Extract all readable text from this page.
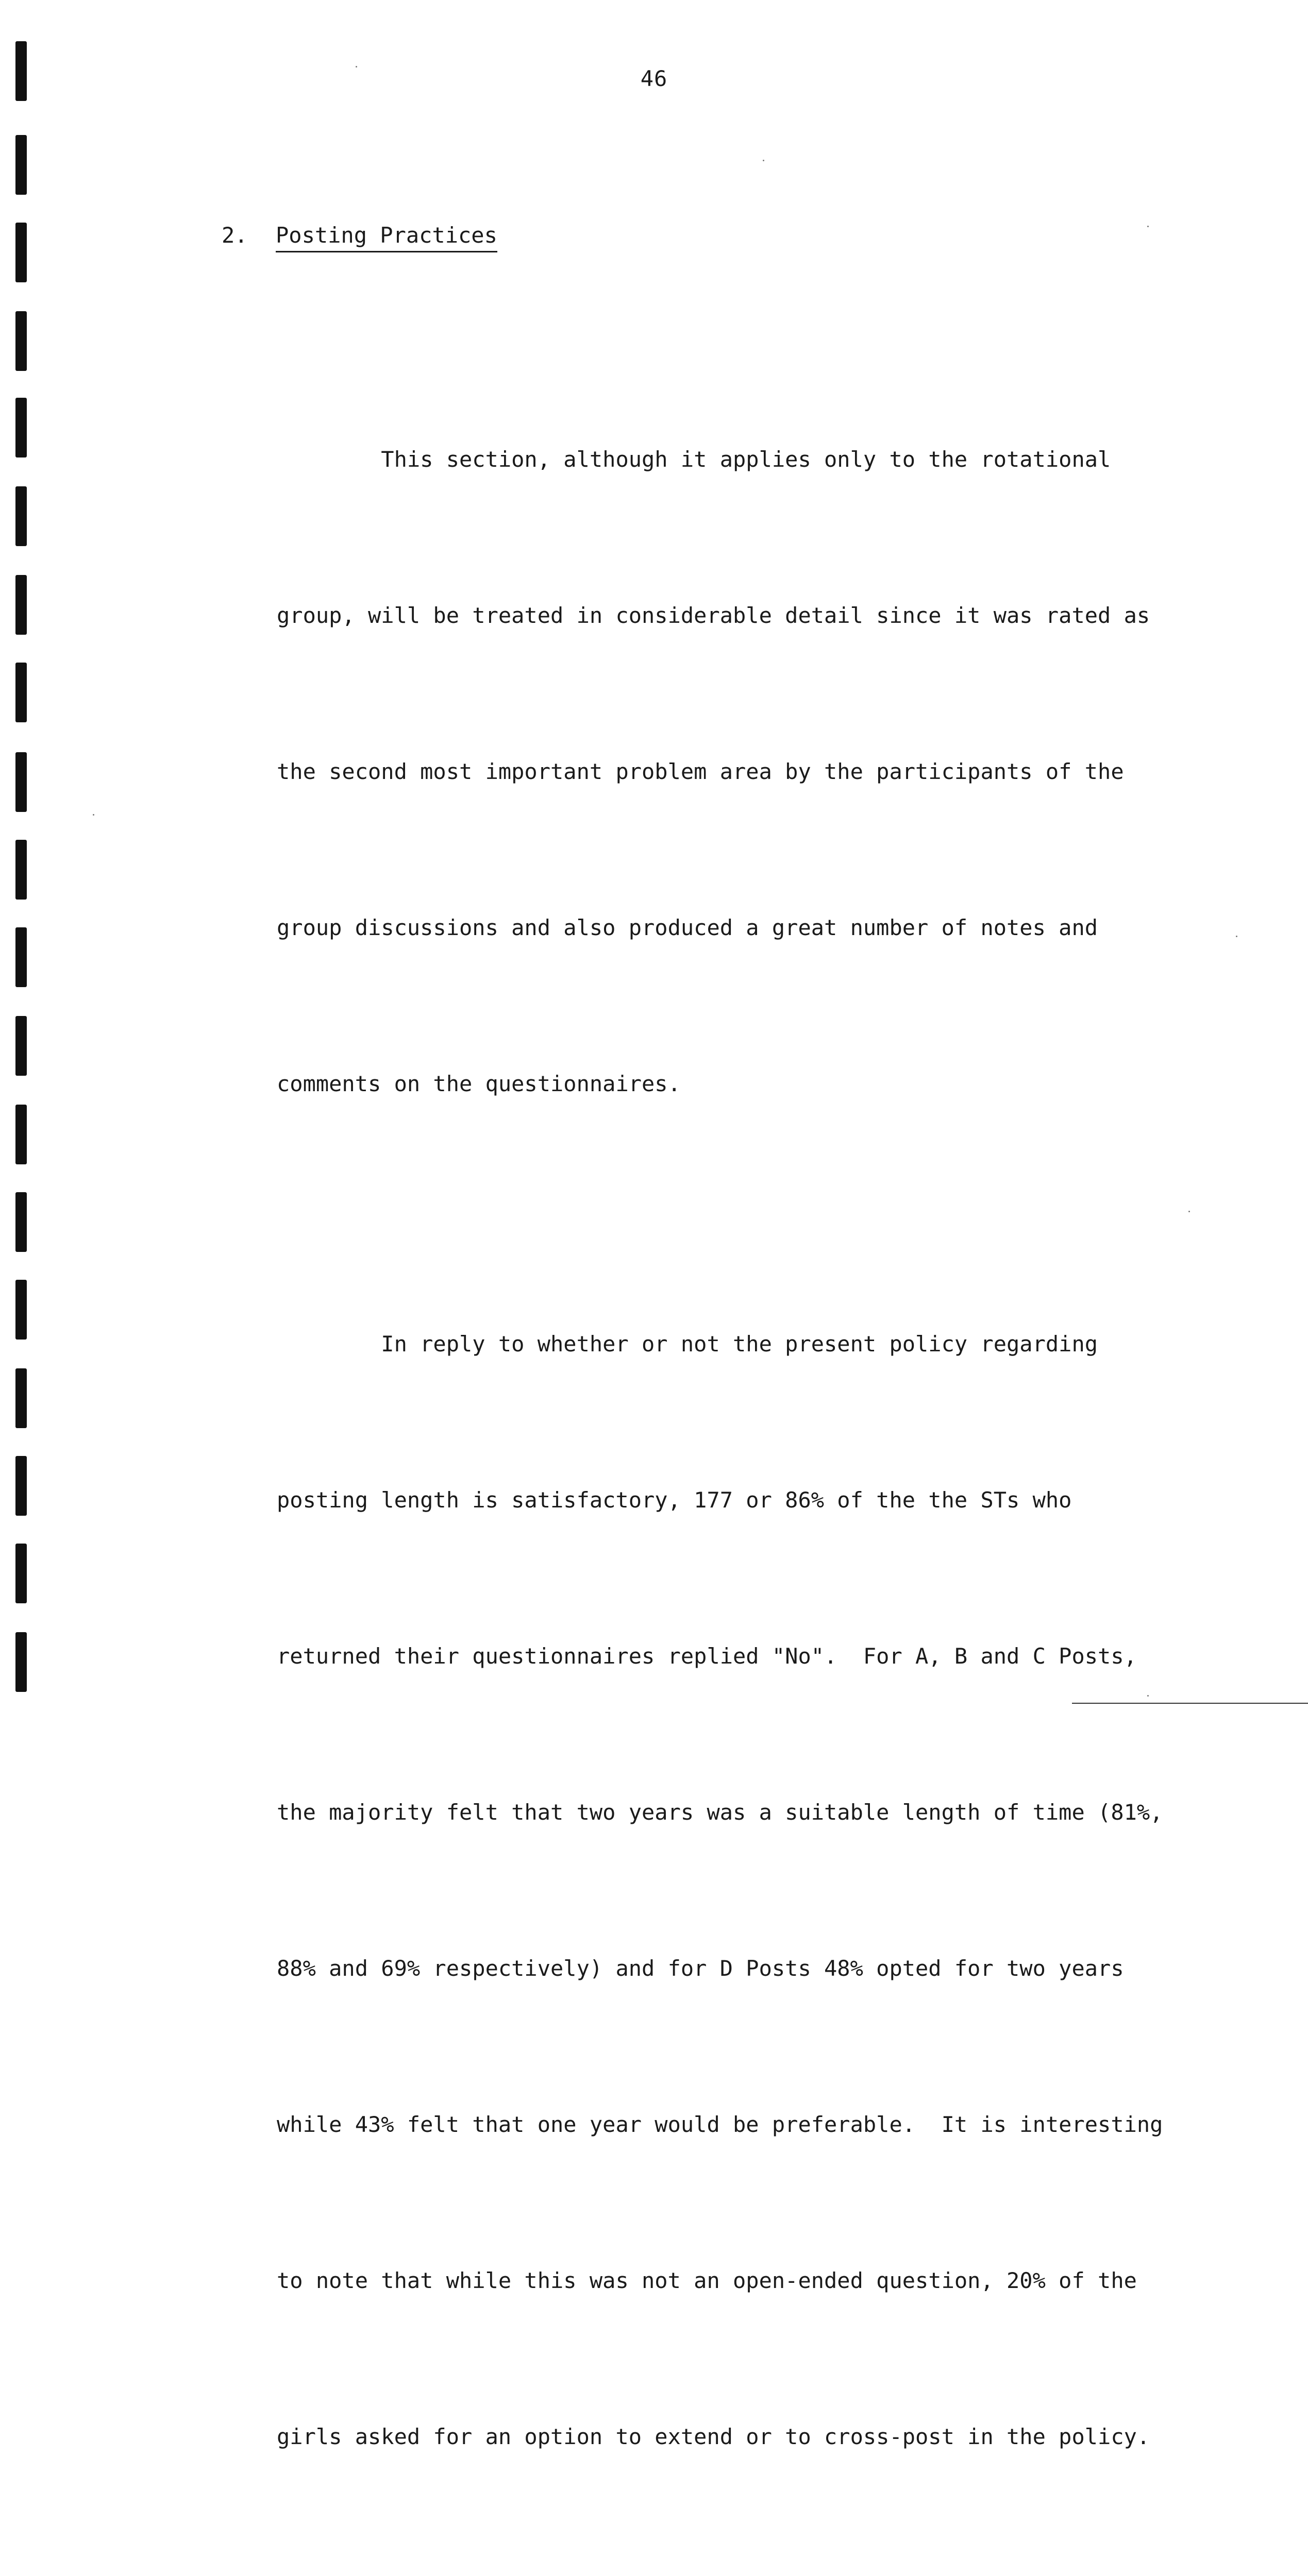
46
2. Posting Practices

This section, although it applies only to the rotational

group, will be treated in considerable detail since it was rated as

the second most important problem area by the participants of the

group discussions and also produced a great number of notes and

comments on the questionnaires.

In reply to whether or not the present policy regarding

posting length is satisfactory, 177 or 86% of the the STs who

returned their questionnaires replied "No".  For A, B and C Posts,

the majority felt that two years was a suitable length of time (81%,

88% and 69% respectively) and for D Posts 48% opted for two years

while 43% felt that one year would be preferable.  It is interesting

to note that while this was not an open-ended question, 20% of the

girls asked for an option to extend or to cross-post in the policy.
